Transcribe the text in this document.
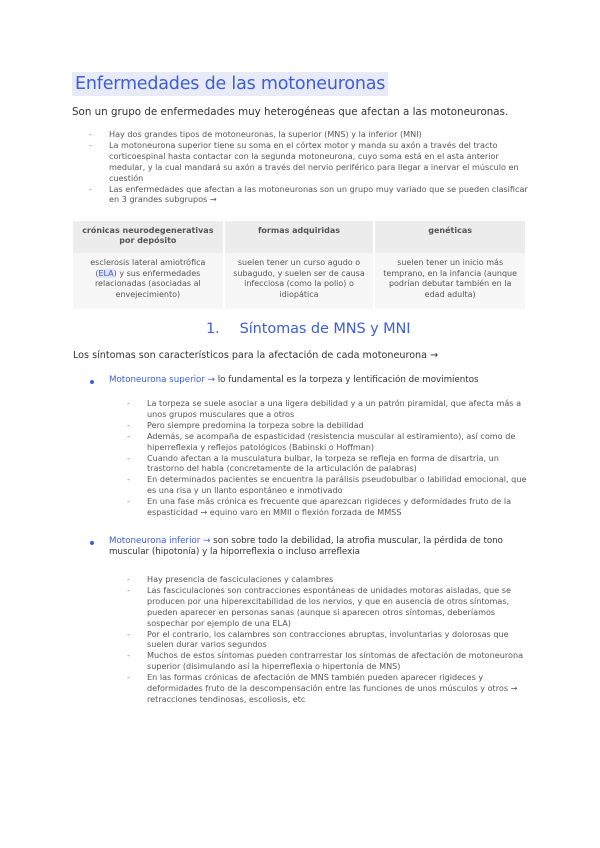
Enfermedades de las motoneuronas
Son un grupo de enfermedades muy heterogéneas que afectan a las motoneuronas.
- Hay dos grandes tipos de motoneuronas, la superior (MNS) y la inferior (MNI)
- La motoneurona superior tiene su soma en el córtex motor y manda su axón a través del tracto corticoespinal hasta contactar con la segunda motoneurona, cuyo soma está en el asta anterior medular, y la cual mandará su axón a través del nervio periférico para llegar a inervar el músculo en cuestión
- Las enfermedades que afectan a las motoneuronas son un grupo muy variado que se pueden clasificar en 3 grandes subgrupos →
crónicas neurodegenerativas por depósito	formas adquiridas	genéticas
esclerosis lateral amiotrófica (ELA) y sus enfermedades relacionadas (asociadas al envejecimiento)	suelen tener un curso agudo o subagudo, y suelen ser de causa infecciosa (como la polio) o idiopática	suelen tener un inicio más temprano, en la infancia (aunque podrían debutar también en la edad adulta)
1. Síntomas de MNS y MNI
Los síntomas son característicos para la afectación de cada motoneurona →
Motoneurona superior → lo fundamental es la torpeza y lentificación de movimientos
- La torpeza se suele asociar a una ligera debilidad y a un patrón piramidal, que afecta más a unos grupos musculares que a otros
- Pero siempre predomina la torpeza sobre la debilidad
- Además, se acompaña de espasticidad (resistencia muscular al estiramiento), así como de hiperreflexia y reflejos patológicos (Babinski o Hoffman)
- Cuando afectan a la musculatura bulbar, la torpeza se refleja en forma de disartria, un trastorno del habla (concretamente de la articulación de palabras)
- En determinados pacientes se encuentra la parálisis pseudobulbar o labilidad emocional, que es una risa y un llanto espontáneo e inmotivado
- En una fase más crónica es frecuente que aparezcan rigideces y deformidades fruto de la espasticidad → equino varo en MMII o flexión forzada de MMSS
Motoneurona inferior → son sobre todo la debilidad, la atrofia muscular, la pérdida de tono muscular (hipotonía) y la hiporreflexia o incluso arreflexia
- Hay presencia de fasciculaciones y calambres
- Las fasciculaciones son contracciones espontáneas de unidades motoras aisladas, que se producen por una hiperexcitabilidad de los nervios, y que en ausencia de otros síntomas, pueden aparecer en personas sanas (aunque si aparecen otros síntomas, deberíamos sospechar por ejemplo de una ELA)
- Por el contrario, los calambres son contracciones abruptas, involuntarias y dolorosas que suelen durar varios segundos
- Muchos de estos síntomas pueden contrarrestar los síntomas de afectación de motoneurona superior (disimulando así la hiperreflexia o hipertonía de MNS)
- En las formas crónicas de afectación de MNS también pueden aparecer rigideces y deformidades fruto de la descompensación entre las funciones de unos músculos y otros → retracciones tendinosas, escoliosis, etc
